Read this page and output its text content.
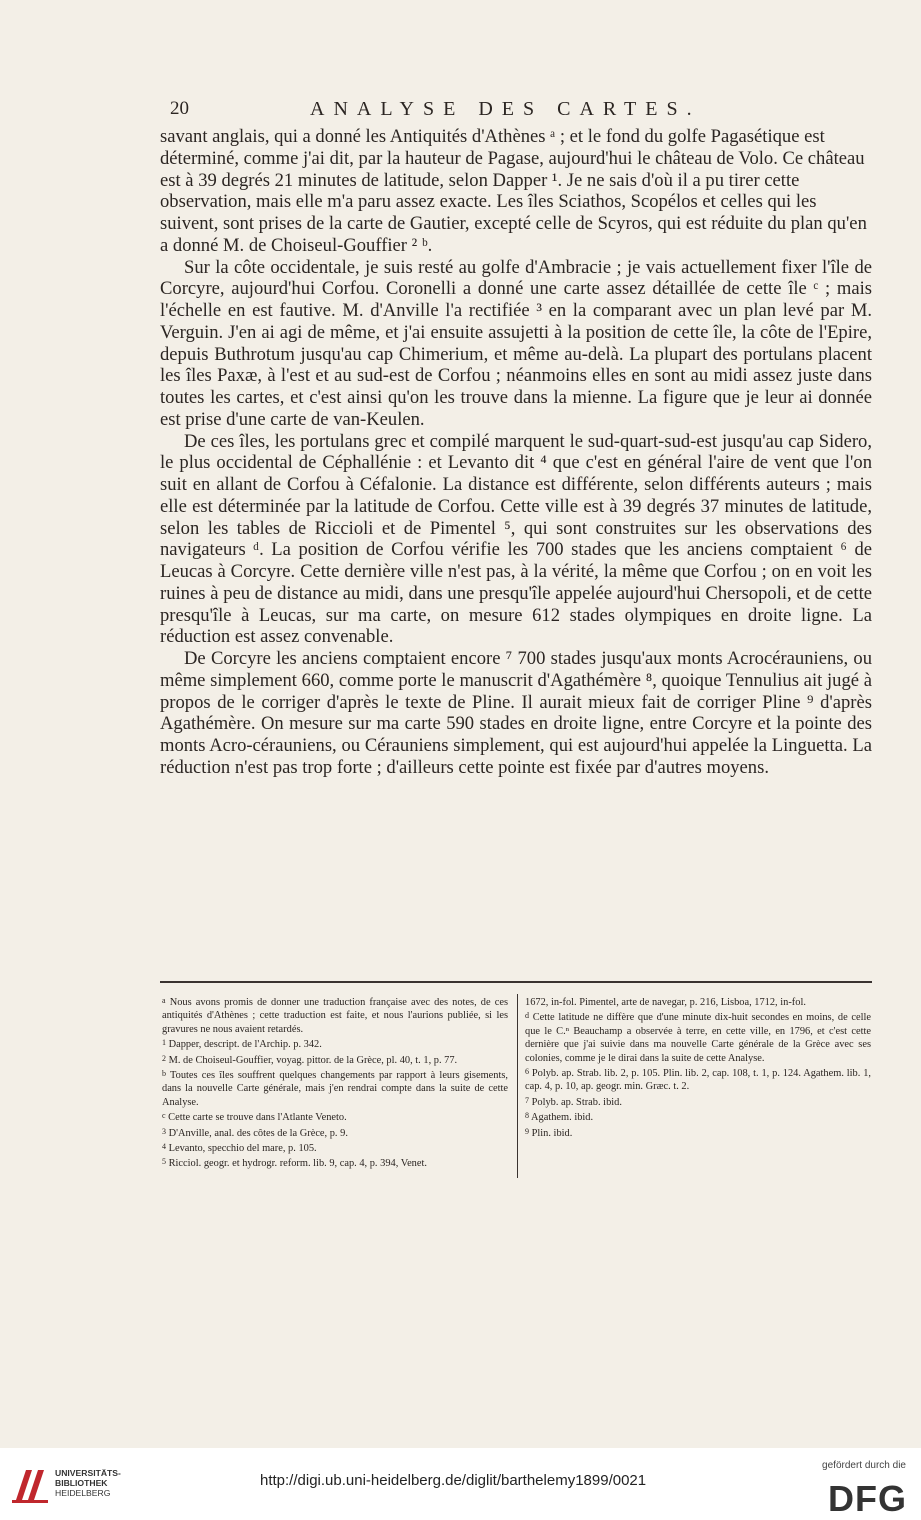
20	ANALYSE DES CARTES.

savant anglais, qui a donné les Antiquités d'Athènes ᵃ ; et le fond du golfe Pagasétique est déterminé, comme j'ai dit, par la hauteur de Pagase, aujourd'hui le château de Volo. Ce château est à 39 degrés 21 minutes de latitude, selon Dapper ¹. Je ne sais d'où il a pu tirer cette observation, mais elle m'a paru assez exacte. Les îles Sciathos, Scopélos et celles qui les suivent, sont prises de la carte de Gautier, excepté celle de Scyros, qui est réduite du plan qu'en a donné M. de Choiseul-Gouffier ² ᵇ.

Sur la côte occidentale, je suis resté au golfe d'Ambracie ; je vais actuellement fixer l'île de Corcyre, aujourd'hui Corfou. Coronelli a donné une carte assez détaillée de cette île ᶜ ; mais l'échelle en est fautive. M. d'Anville l'a rectifiée ³ en la comparant avec un plan levé par M. Verguin. J'en ai agi de même, et j'ai ensuite assujetti à la position de cette île, la côte de l'Epire, depuis Buthrotum jusqu'au cap Chimerium, et même au-delà. La plupart des portulans placent les îles Paxæ, à l'est et au sud-est de Corfou ; néanmoins elles en sont au midi assez juste dans toutes les cartes, et c'est ainsi qu'on les trouve dans la mienne. La figure que je leur ai donnée est prise d'une carte de van-Keulen.

De ces îles, les portulans grec et compilé marquent le sud-quart-sud-est jusqu'au cap Sidero, le plus occidental de Céphallénie : et Levanto dit ⁴ que c'est en général l'aire de vent que l'on suit en allant de Corfou à Céfalonie. La distance est différente, selon différents auteurs ; mais elle est déterminée par la latitude de Corfou. Cette ville est à 39 degrés 37 minutes de latitude, selon les tables de Riccioli et de Pimentel ⁵, qui sont construites sur les observations des navigateurs ᵈ. La position de Corfou vérifie les 700 stades que les anciens comptaient ⁶ de Leucas à Corcyre. Cette dernière ville n'est pas, à la vérité, la même que Corfou ; on en voit les ruines à peu de distance au midi, dans une presqu'île appelée aujourd'hui Chersopoli, et de cette presqu'île à Leucas, sur ma carte, on mesure 612 stades olympiques en droite ligne. La réduction est assez convenable.

De Corcyre les anciens comptaient encore ⁷ 700 stades jusqu'aux monts Acrocérauniens, ou même simplement 660, comme porte le manuscrit d'Agathémère ⁸, quoique Tennulius ait jugé à propos de le corriger d'après le texte de Pline. Il aurait mieux fait de corriger Pline ⁹ d'après Agathémère. On mesure sur ma carte 590 stades en droite ligne, entre Corcyre et la pointe des monts Acro-cérauniens, ou Cérauniens simplement, qui est aujourd'hui appelée la Linguetta. La réduction n'est pas trop forte ; d'ailleurs cette pointe est fixée par d'autres moyens.

a Nous avons promis de donner une traduction française avec des notes, de ces antiquités d'Athènes ; cette traduction est faite, et nous l'aurions publiée, si les gravures ne nous avaient retardés.

1 Dapper, descript. de l'Archip. p. 342.

2 M. de Choiseul-Gouffier, voyag. pittor. de la Grèce, pl. 40, t. 1, p. 77.

b Toutes ces îles souffrent quelques changements par rapport à leurs gisements, dans la nouvelle Carte générale, mais j'en rendrai compte dans la suite de cette Analyse.

c Cette carte se trouve dans l'Atlante Veneto.

3 D'Anville, anal. des côtes de la Grèce, p. 9.

4 Levanto, specchio del mare, p. 105.

5 Ricciol. geogr. et hydrogr. reform. lib. 9, cap. 4, p. 394, Venet.

1672, in-fol. Pimentel, arte de navegar, p. 216, Lisboa, 1712, in-fol.

d Cette latitude ne diffère que d'une minute dix-huit secondes en moins, de celle que le C.ⁿ Beauchamp a observée à terre, en cette ville, en 1796, et c'est cette dernière que j'ai suivie dans ma nouvelle Carte générale de la Grèce avec ses colonies, comme je le dirai dans la suite de cette Analyse.

6 Polyb. ap. Strab. lib. 2, p. 105. Plin. lib. 2, cap. 108, t. 1, p. 124. Agathem. lib. 1, cap. 4, p. 10, ap. geogr. min. Græc. t. 2.

7 Polyb. ap. Strab. ibid.

8 Agathem. ibid.

9 Plin. ibid.

UNIVERSITÄTS-
BIBLIOTHEK
HEIDELBERG
http://digi.ub.uni-heidelberg.de/diglit/barthelemy1899/0021
gefördert durch die
DFG
